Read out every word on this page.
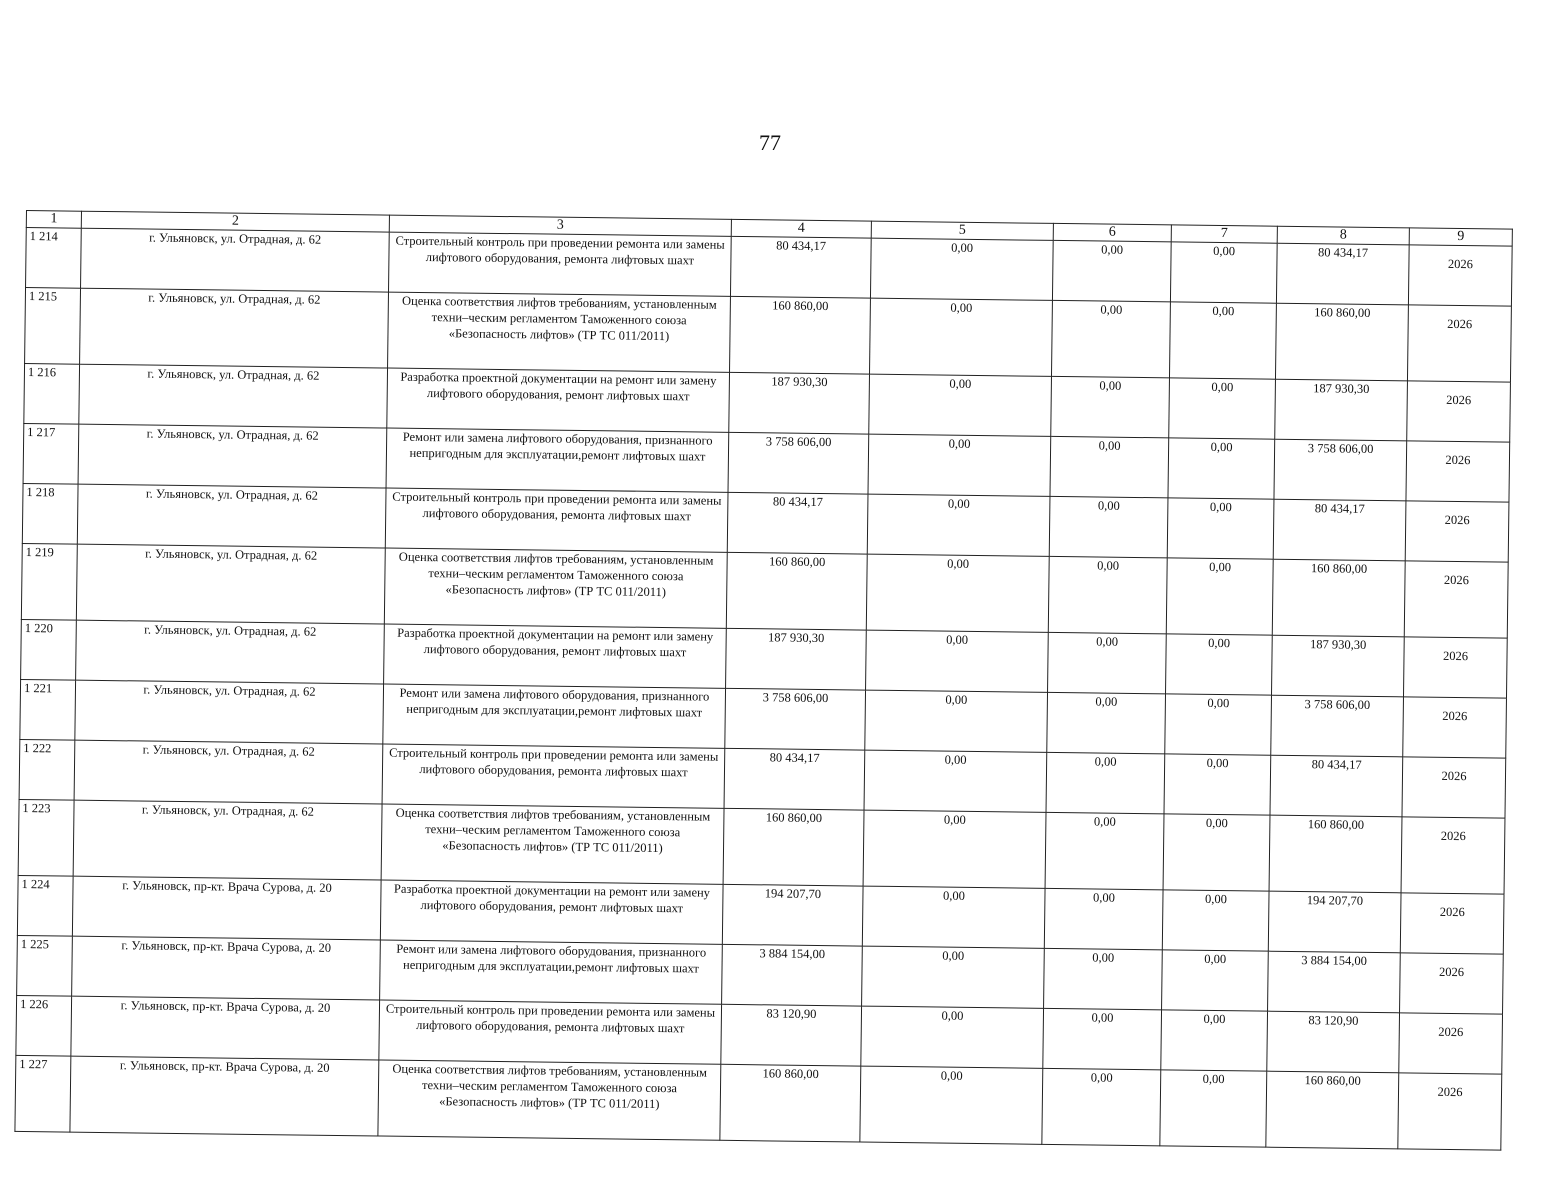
77
1	2	3	4	5	6	7	8	9
1 214	г. Ульяновск, ул. Отрадная, д. 62	Строительный контроль при проведении ремонта или замены лифтового оборудования, ремонта лифтовых шахт	80 434,17	0,00	0,00	0,00	80 434,17	2026
1 215	г. Ульяновск, ул. Отрадная, д. 62	Оценка соответствия лифтов требованиям, установленным техни–ческим регламентом Таможенного союза «Безопасность лифтов» (ТР ТС 011/2011)	160 860,00	0,00	0,00	0,00	160 860,00	2026
1 216	г. Ульяновск, ул. Отрадная, д. 62	Разработка проектной документации на ремонт или замену лифтового оборудования, ремонт лифтовых шахт	187 930,30	0,00	0,00	0,00	187 930,30	2026
1 217	г. Ульяновск, ул. Отрадная, д. 62	Ремонт или замена лифтового оборудования, признанного непригодным для эксплуатации,ремонт лифтовых шахт	3 758 606,00	0,00	0,00	0,00	3 758 606,00	2026
1 218	г. Ульяновск, ул. Отрадная, д. 62	Строительный контроль при проведении ремонта или замены лифтового оборудования, ремонта лифтовых шахт	80 434,17	0,00	0,00	0,00	80 434,17	2026
1 219	г. Ульяновск, ул. Отрадная, д. 62	Оценка соответствия лифтов требованиям, установленным техни–ческим регламентом Таможенного союза «Безопасность лифтов» (ТР ТС 011/2011)	160 860,00	0,00	0,00	0,00	160 860,00	2026
1 220	г. Ульяновск, ул. Отрадная, д. 62	Разработка проектной документации на ремонт или замену лифтового оборудования, ремонт лифтовых шахт	187 930,30	0,00	0,00	0,00	187 930,30	2026
1 221	г. Ульяновск, ул. Отрадная, д. 62	Ремонт или замена лифтового оборудования, признанного непригодным для эксплуатации,ремонт лифтовых шахт	3 758 606,00	0,00	0,00	0,00	3 758 606,00	2026
1 222	г. Ульяновск, ул. Отрадная, д. 62	Строительный контроль при проведении ремонта или замены лифтового оборудования, ремонта лифтовых шахт	80 434,17	0,00	0,00	0,00	80 434,17	2026
1 223	г. Ульяновск, ул. Отрадная, д. 62	Оценка соответствия лифтов требованиям, установленным техни–ческим регламентом Таможенного союза «Безопасность лифтов» (ТР ТС 011/2011)	160 860,00	0,00	0,00	0,00	160 860,00	2026
1 224	г. Ульяновск, пр-кт. Врача Сурова, д. 20	Разработка проектной документации на ремонт или замену лифтового оборудования, ремонт лифтовых шахт	194 207,70	0,00	0,00	0,00	194 207,70	2026
1 225	г. Ульяновск, пр-кт. Врача Сурова, д. 20	Ремонт или замена лифтового оборудования, признанного непригодным для эксплуатации,ремонт лифтовых шахт	3 884 154,00	0,00	0,00	0,00	3 884 154,00	2026
1 226	г. Ульяновск, пр-кт. Врача Сурова, д. 20	Строительный контроль при проведении ремонта или замены лифтового оборудования, ремонта лифтовых шахт	83 120,90	0,00	0,00	0,00	83 120,90	2026
1 227	г. Ульяновск, пр-кт. Врача Сурова, д. 20	Оценка соответствия лифтов требованиям, установленным техни–ческим регламентом Таможенного союза «Безопасность лифтов» (ТР ТС 011/2011)	160 860,00	0,00	0,00	0,00	160 860,00	2026
